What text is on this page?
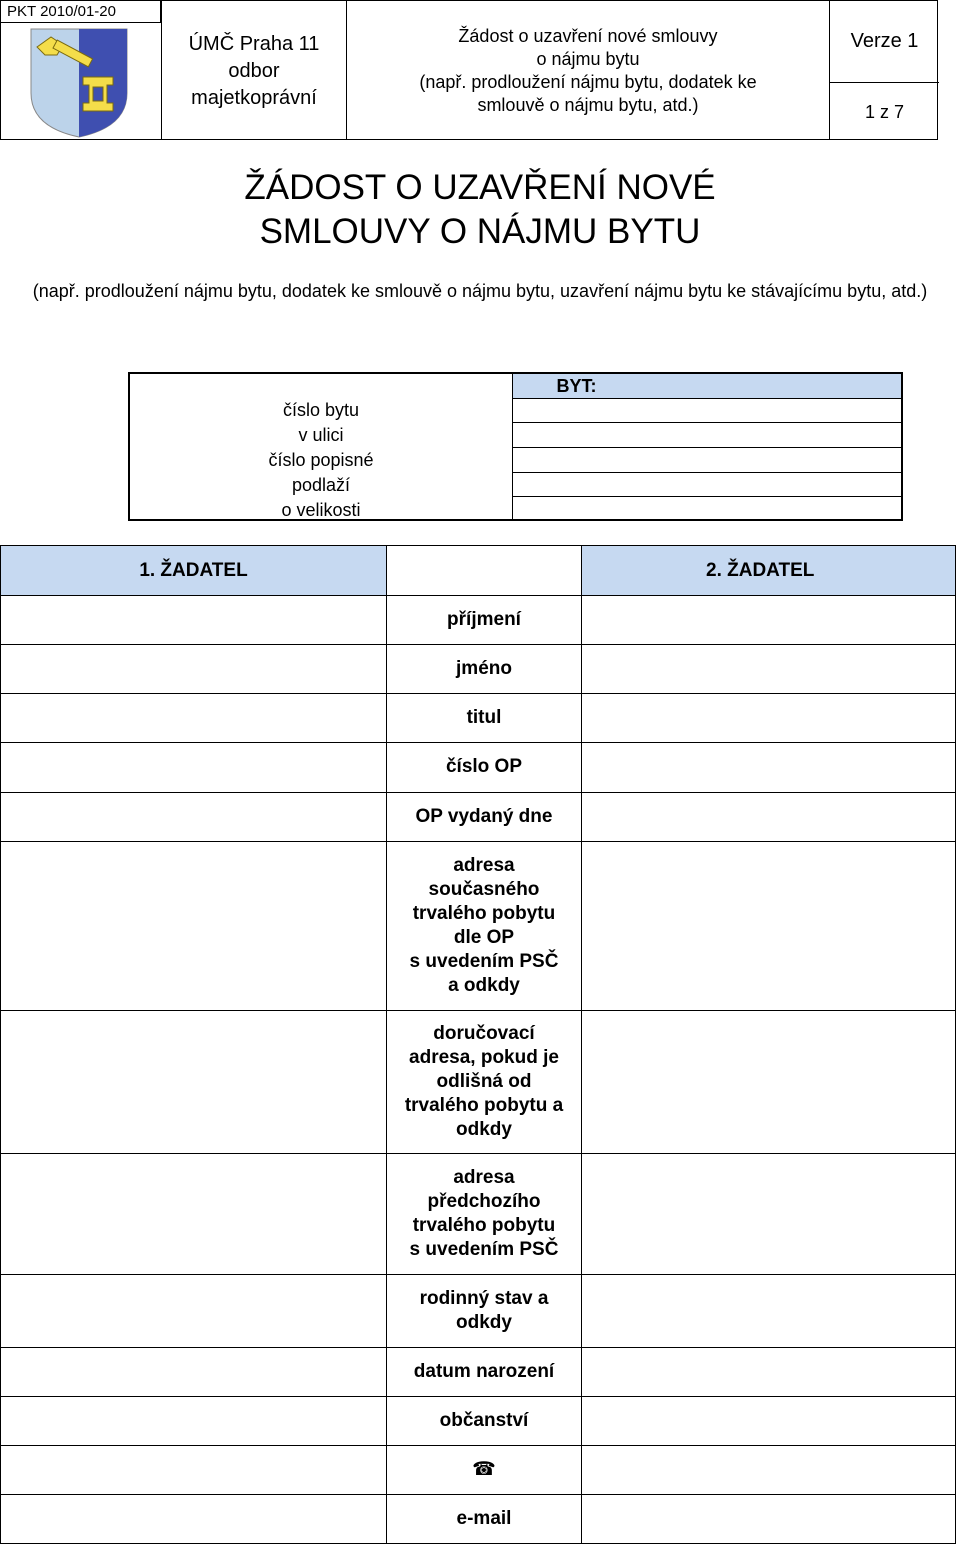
PKT 2010/01-20
ÚMČ Praha 11
odbor
majetkoprávní
Žádost o uzavření nové smlouvy
o nájmu bytu
(např. prodloužení nájmu bytu, dodatek ke
smlouvě o nájmu bytu, atd.)
Verze 1
1 z 7
ŽÁDOST O UZAVŘENÍ NOVÉ
SMLOUVY O NÁJMU BYTU
(např. prodloužení nájmu bytu, dodatek ke smlouvě o nájmu bytu, uzavření nájmu bytu ke stávajícímu bytu, atd.)
BYT:
číslo bytu
v ulici
číslo popisné
podlaží
o velikosti
1. ŽADATEL	2. ŽADATEL
příjmení
jméno
titul
číslo OP
OP vydaný dne
adresa
současného
trvalého pobytu
dle OP
s uvedením PSČ
a odkdy
doručovací
adresa, pokud je
odlišná od
trvalého pobytu a
odkdy
adresa
předchozího
trvalého pobytu
s uvedením PSČ
rodinný stav a
odkdy
datum narození
občanství
☎
e-mail
